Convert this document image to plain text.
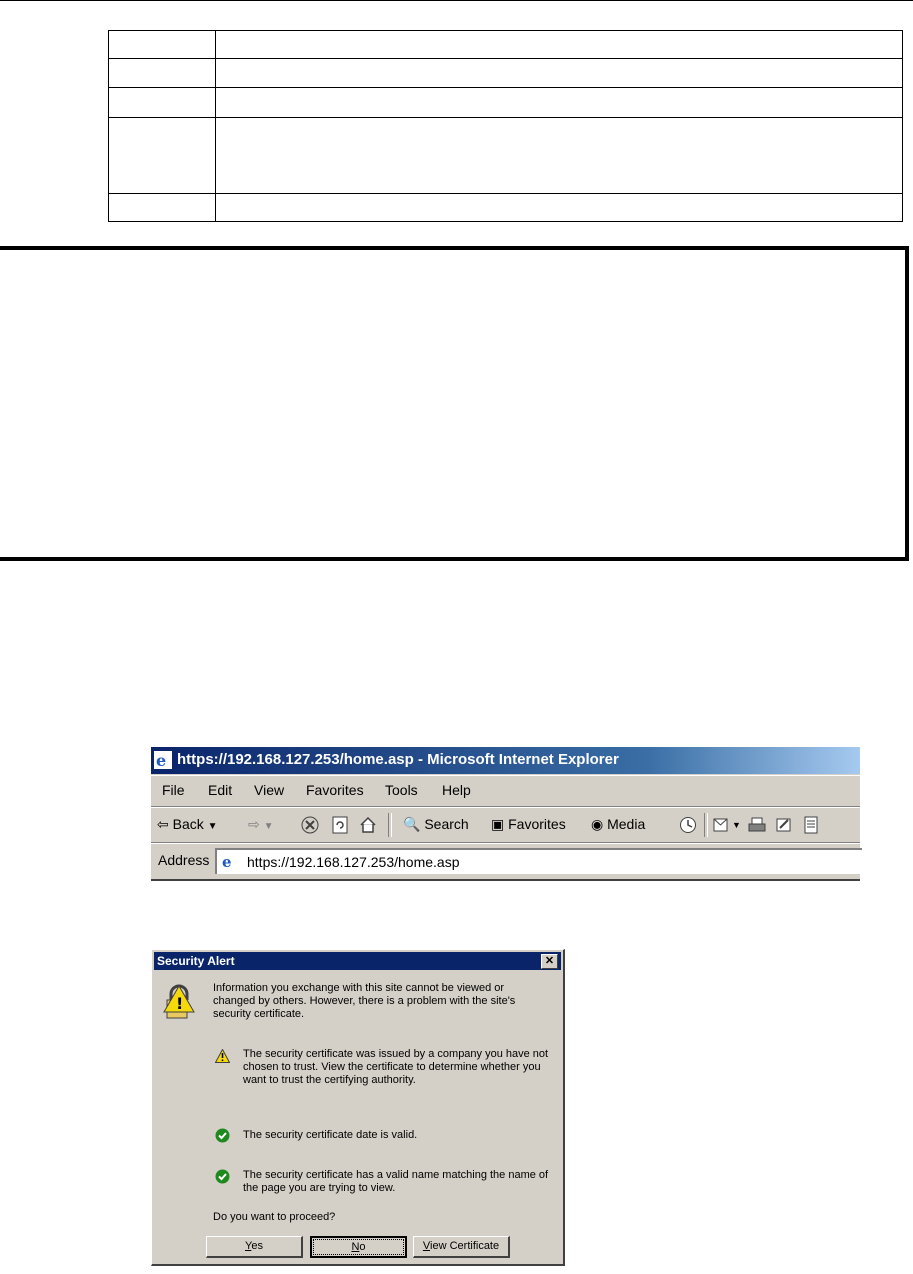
e https://192.168.127.253/home.asp - Microsoft Internet Explorer
File Edit View Favorites Tools Help
⇦ Back ▼ ⇨ ▼	🔍 Search ▣ Favorites ◉ Media	▼
Address e https://192.168.127.253/home.asp
Security Alert	✕
!
Information you exchange with this site cannot be viewed or changed by others. However, there is a problem with the site's security certificate.
The security certificate was issued by a company you have not chosen to trust. View the certificate to determine whether you want to trust the certifying authority.
The security certificate date is valid.
The security certificate has a valid name matching the name of the page you are trying to view.
Do you want to proceed?
Yes	No	View Certificate
